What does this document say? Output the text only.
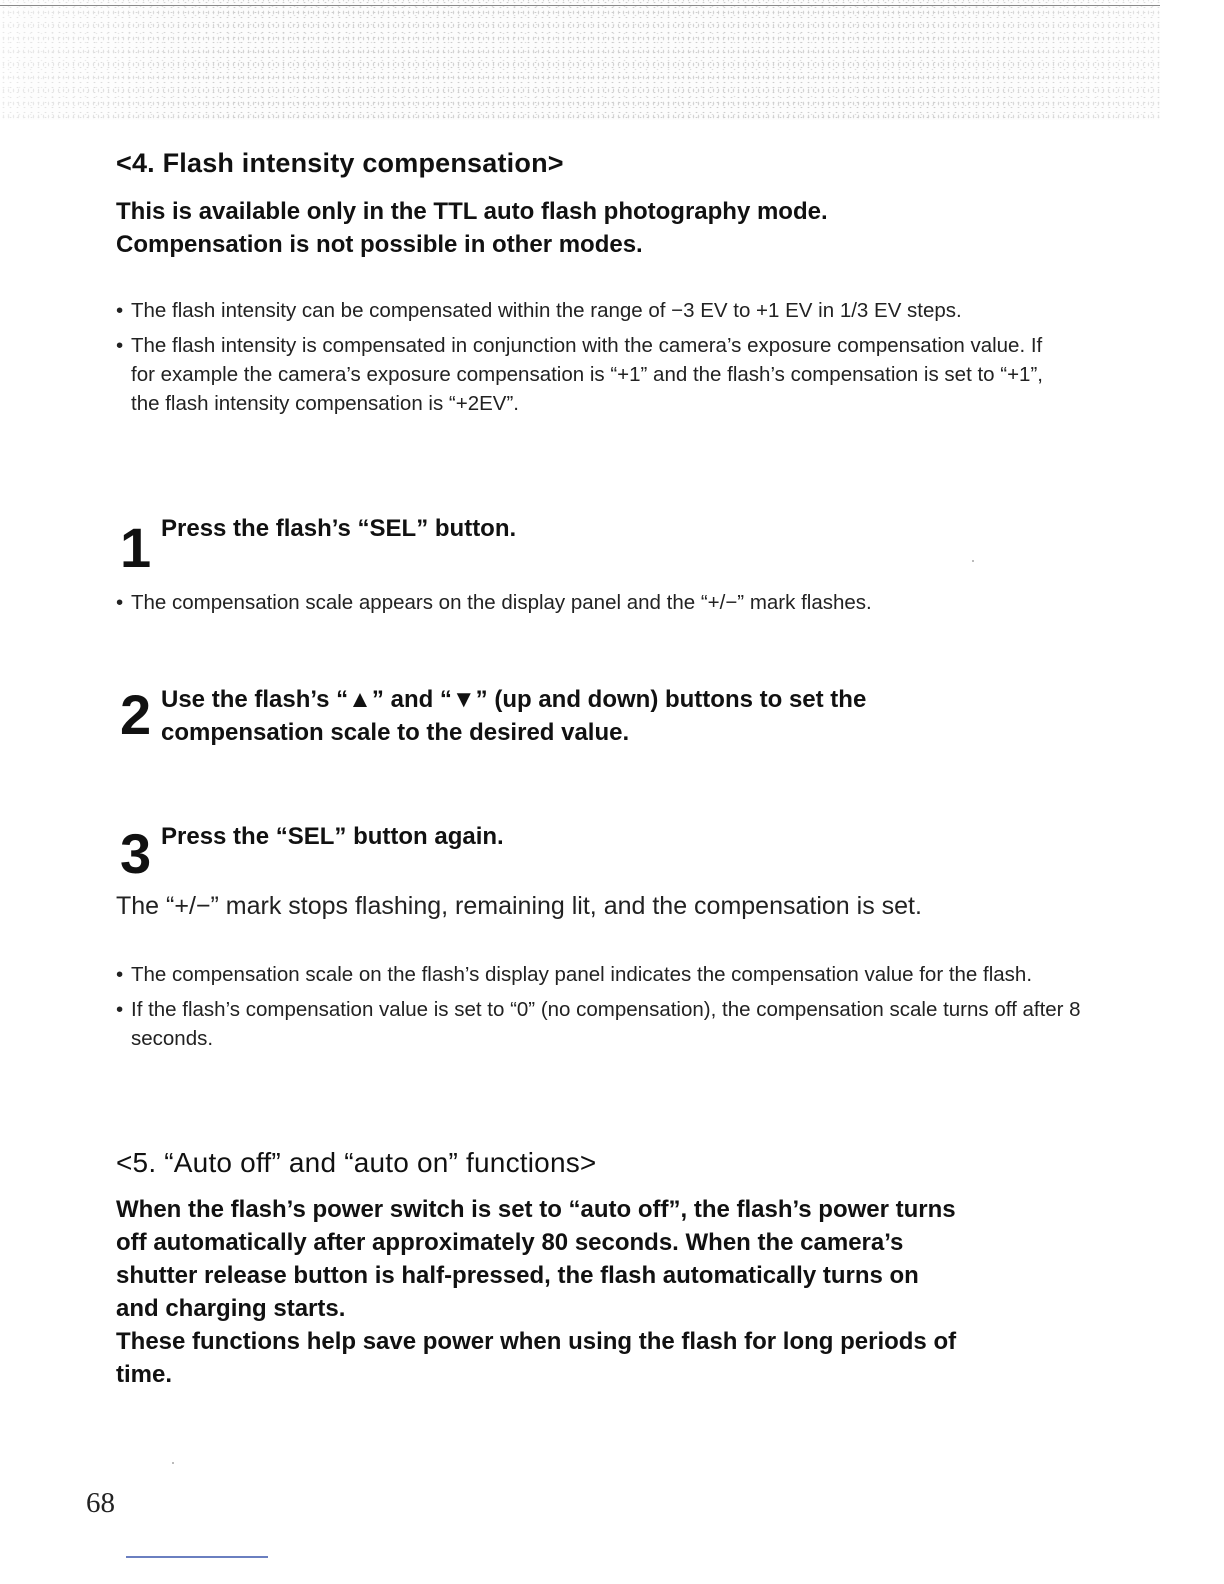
<4. Flash intensity compensation>

This is available only in the TTL auto flash photography mode.
Compensation is not possible in other modes.

• The flash intensity can be compensated within the range of −3 EV to +1 EV in 1/3 EV steps.
• The flash intensity is compensated in conjunction with the camera’s exposure compensation value. If for example the camera’s exposure compensation is “+1” and the flash’s compensation is set to “+1”, the flash intensity compensation is “+2EV”.
1 Press the flash’s “SEL” button.
• The compensation scale appears on the display panel and the “+/−” mark flashes.
2 Use the flash’s “▲” and “▼” (up and down) buttons to set the compensation scale to the desired value.
3 Press the “SEL” button again.

The “+/−” mark stops flashing, remaining lit, and the compensation is set.

• The compensation scale on the flash’s display panel indicates the compensation value for the flash.
• If the flash’s compensation value is set to “0” (no compensation), the compensation scale turns off after 8 seconds.
<5. “Auto off” and “auto on” functions>

When the flash’s power switch is set to “auto off”, the flash’s power turns
off automatically after approximately 80 seconds. When the camera’s
shutter release button is half-pressed, the flash automatically turns on
and charging starts.
These functions help save power when using the flash for long periods of
time.

68
